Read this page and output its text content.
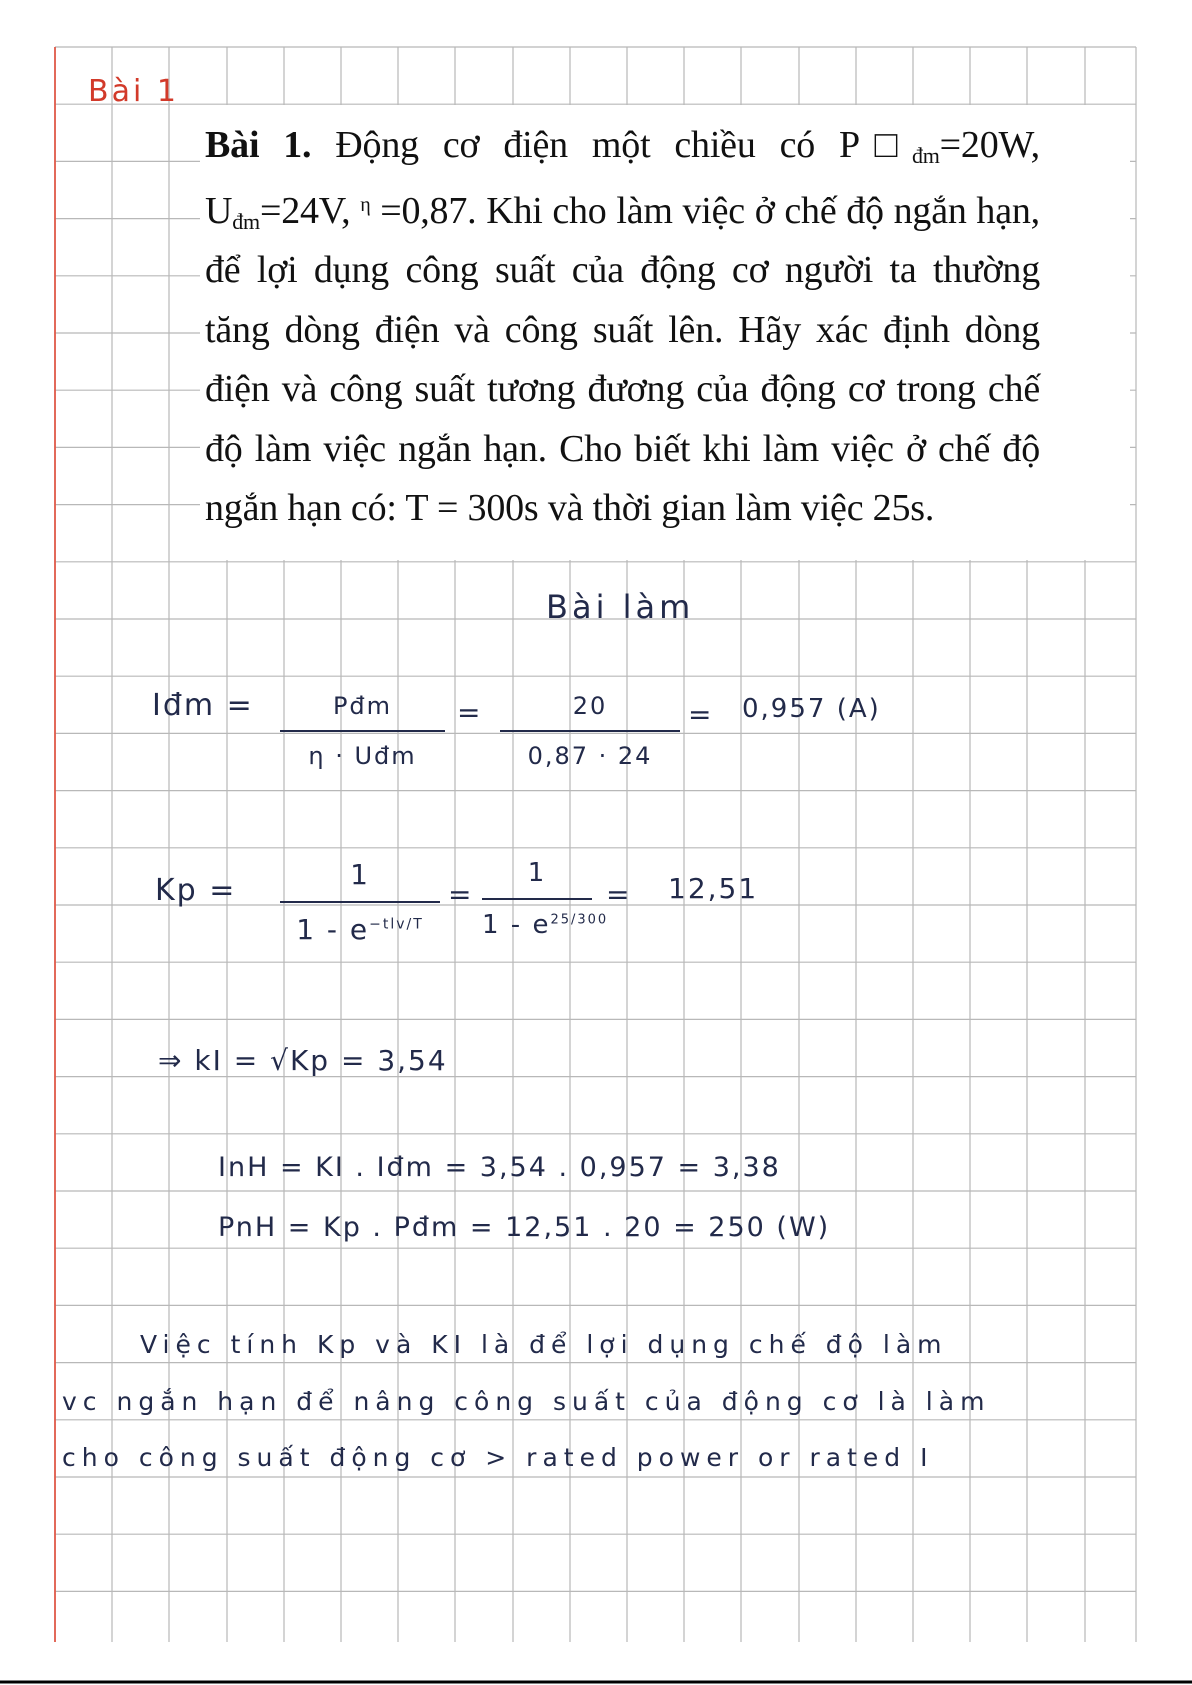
Bài 1
Bài 1. Động cơ điện một chiều có $P□_{đm}=20W$, $U_{đm}=24V$, $^\eta$ =0,87. Khi cho làm việc ở chế độ ngắn hạn, để lợi dụng công suất của động cơ người ta thường tăng dòng điện và công suất lên. Hãy xác định dòng điện và công suất tương đương của động cơ trong chế độ làm việc ngắn hạn. Cho biết khi làm việc ở chế độ ngắn hạn có: T = 300s và thời gian làm việc 25s.
Bài làm
Iđm =	Pđm
η · Uđm
=	20
0,87 · 24
= 0,957 (A)
Kp =	1
$1 - e^{-tlv/T}$
=
1
$1 - e^{25/300}$
= 12,51
⇒ kI = √Kp = 3,54
InH = KI . Iđm = 3,54 . 0,957 = 3,38
PnH = Kp . Pđm = 12,51 . 20 = 250 (W)
Việc tính Kp và KI là để lợi dụng chế độ làm
vc ngắn hạn để nâng công suất của động cơ là làm
cho công suất động cơ > rated power or rated I
